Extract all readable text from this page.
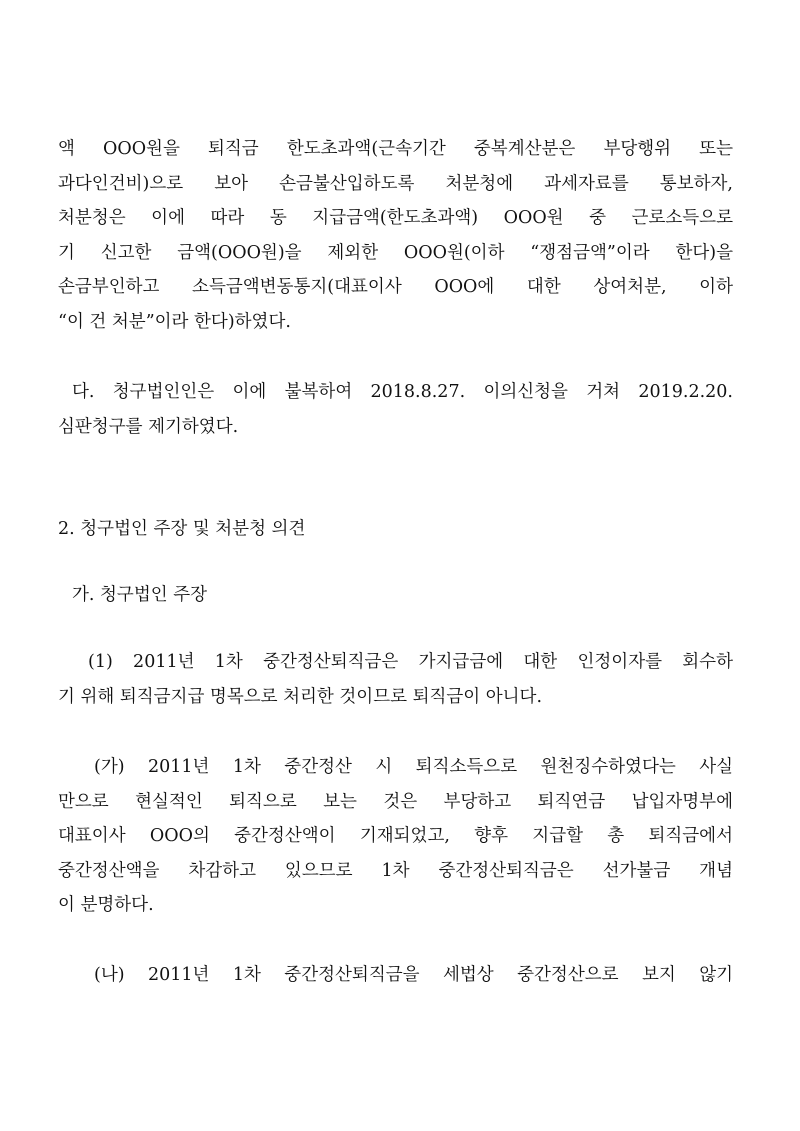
액 OOO원을 퇴직금 한도초과액(근속기간 중복계산분은 부당행위 또는
과다인건비)으로 보아 손금불산입하도록 처분청에 과세자료를 통보하자,
처분청은 이에 따라 동 지급금액(한도초과액) OOO원 중 근로소득으로
기 신고한 금액(OOO원)을 제외한 OOO원(이하 “쟁점금액”이라 한다)을
손금부인하고 소득금액변동통지(대표이사 OOO에 대한 상여처분, 이하
“이 건 처분”이라 한다)하였다.
다. 청구법인인은 이에 불복하여 2018.8.27. 이의신청을 거쳐 2019.2.20.
심판청구를 제기하였다.
2. 청구법인 주장 및 처분청 의견
가. 청구법인 주장
(1) 2011년 1차 중간정산퇴직금은 가지급금에 대한 인정이자를 회수하
기 위해 퇴직금지급 명목으로 처리한 것이므로 퇴직금이 아니다.
(가) 2011년 1차 중간정산 시 퇴직소득으로 원천징수하였다는 사실
만으로 현실적인 퇴직으로 보는 것은 부당하고 퇴직연금 납입자명부에
대표이사 OOO의 중간정산액이 기재되었고, 향후 지급할 총 퇴직금에서
중간정산액을 차감하고 있으므로 1차 중간정산퇴직금은 선가불금 개념
이 분명하다.
(나) 2011년 1차 중간정산퇴직금을 세법상 중간정산으로 보지 않기
